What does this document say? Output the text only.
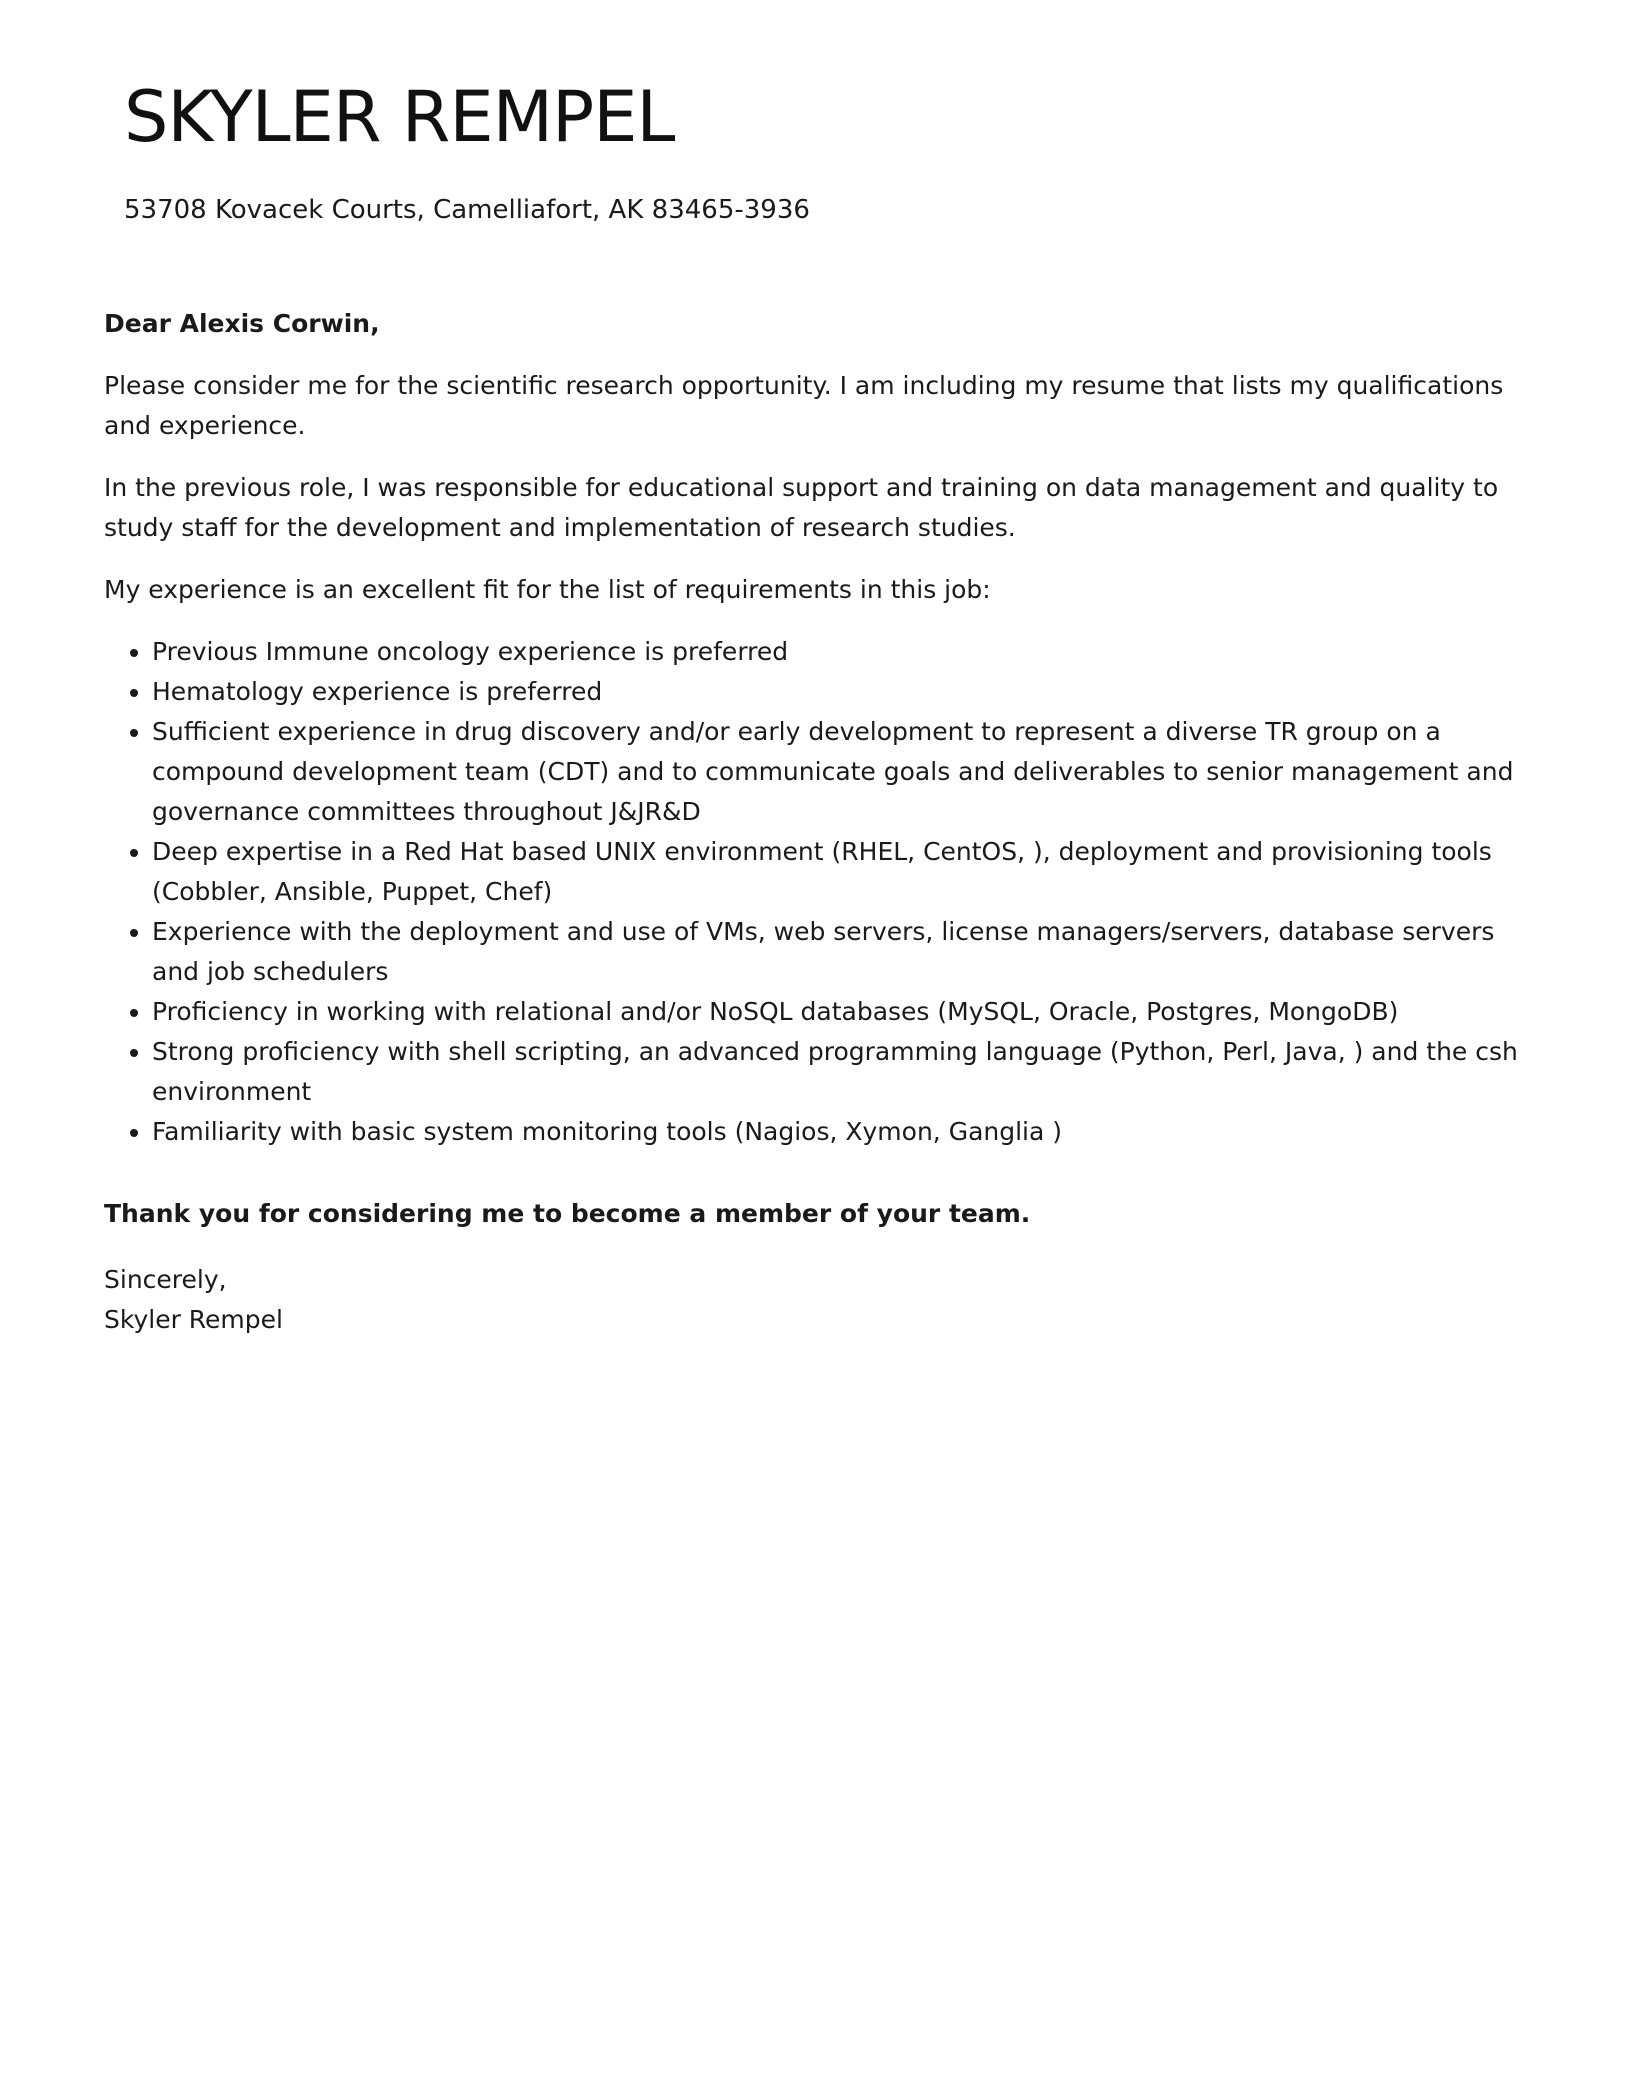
SKYLER REMPEL

53708 Kovacek Courts, Camelliafort, AK 83465-3936

Dear Alexis Corwin,

Please consider me for the scientific research opportunity. I am including my resume that lists my qualifications and experience.

In the previous role, I was responsible for educational support and training on data management and quality to study staff for the development and implementation of research studies.

My experience is an excellent fit for the list of requirements in this job:

• Previous Immune oncology experience is preferred
• Hematology experience is preferred
• Sufficient experience in drug discovery and/or early development to represent a diverse TR group on a compound development team (CDT) and to communicate goals and deliverables to senior management and governance committees throughout J&JR&D
• Deep expertise in a Red Hat based UNIX environment (RHEL, CentOS, ), deployment and provisioning tools (Cobbler, Ansible, Puppet, Chef)
• Experience with the deployment and use of VMs, web servers, license managers/servers, database servers and job schedulers
• Proficiency in working with relational and/or NoSQL databases (MySQL, Oracle, Postgres, MongoDB)
• Strong proficiency with shell scripting, an advanced programming language (Python, Perl, Java, ) and the csh environment
• Familiarity with basic system monitoring tools (Nagios, Xymon, Ganglia )

Thank you for considering me to become a member of your team.

Sincerely,

Skyler Rempel
